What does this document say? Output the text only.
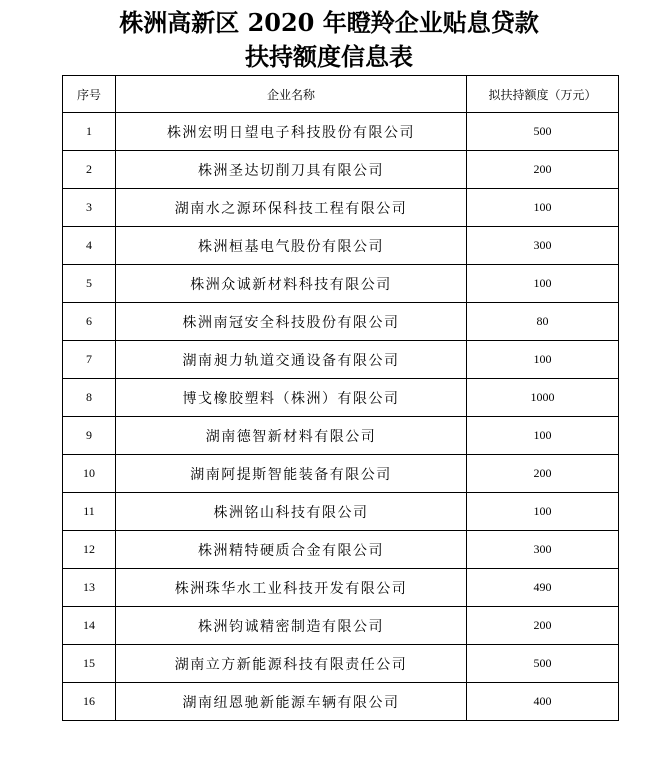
株洲高新区 2020 年瞪羚企业贴息贷款
扶持额度信息表
序号	企业名称	拟扶持额度（万元）
1	株洲宏明日望电子科技股份有限公司	500
2	株洲圣达切削刀具有限公司	200
3	湖南水之源环保科技工程有限公司	100
4	株洲桓基电气股份有限公司	300
5	株洲众诚新材料科技有限公司	100
6	株洲南冠安全科技股份有限公司	80
7	湖南昶力轨道交通设备有限公司	100
8	博戈橡胶塑料（株洲）有限公司	1000
9	湖南德智新材料有限公司	100
10	湖南阿提斯智能装备有限公司	200
11	株洲铭山科技有限公司	100
12	株洲精特硬质合金有限公司	300
13	株洲珠华水工业科技开发有限公司	490
14	株洲钧诚精密制造有限公司	200
15	湖南立方新能源科技有限责任公司	500
16	湖南纽恩驰新能源车辆有限公司	400
